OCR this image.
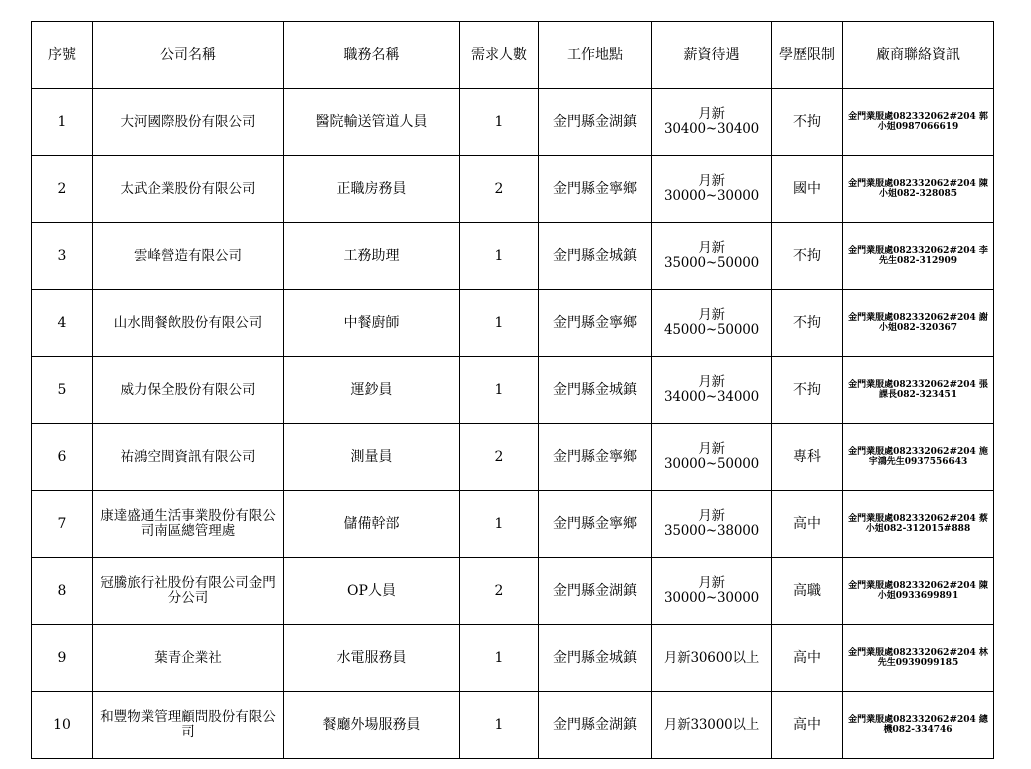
序號	公司名稱	職務名稱	需求人數	工作地點	薪資待遇	學歷限制	廠商聯絡資訊
1	大河國際股份有限公司	醫院輸送管道人員	1	金門縣金湖鎮	月新30400~30400	不拘	金門業服處082332062#204 郭小姐0987066619
2	太武企業股份有限公司	正職房務員	2	金門縣金寧鄉	月新30000~30000	國中	金門業服處082332062#204 陳小姐082-328085
3	雲峰營造有限公司	工務助理	1	金門縣金城鎮	月新35000~50000	不拘	金門業服處082332062#204 李先生082-312909
4	山水間餐飲股份有限公司	中餐廚師	1	金門縣金寧鄉	月新45000~50000	不拘	金門業服處082332062#204 謝小姐082-320367
5	威力保全股份有限公司	運鈔員	1	金門縣金城鎮	月新34000~34000	不拘	金門業服處082332062#204 張課長082-323451
6	祐鴻空間資訊有限公司	測量員	2	金門縣金寧鄉	月新30000~50000	專科	金門業服處082332062#204 施宇鴻先生0937556643
7	康達盛通生活事業股份有限公司南區總管理處	儲備幹部	1	金門縣金寧鄉	月新35000~38000	高中	金門業服處082332062#204 蔡小姐082-312015#888
8	冠騰旅行社股份有限公司金門分公司	OP人員	2	金門縣金湖鎮	月新30000~30000	高職	金門業服處082332062#204 陳小姐0933699891
9	葉青企業社	水電服務員	1	金門縣金城鎮	月新30600以上	高中	金門業服處082332062#204 林先生0939099185
10	和豐物業管理顧問股份有限公司	餐廳外場服務員	1	金門縣金湖鎮	月新33000以上	高中	金門業服處082332062#204 總機082-334746
